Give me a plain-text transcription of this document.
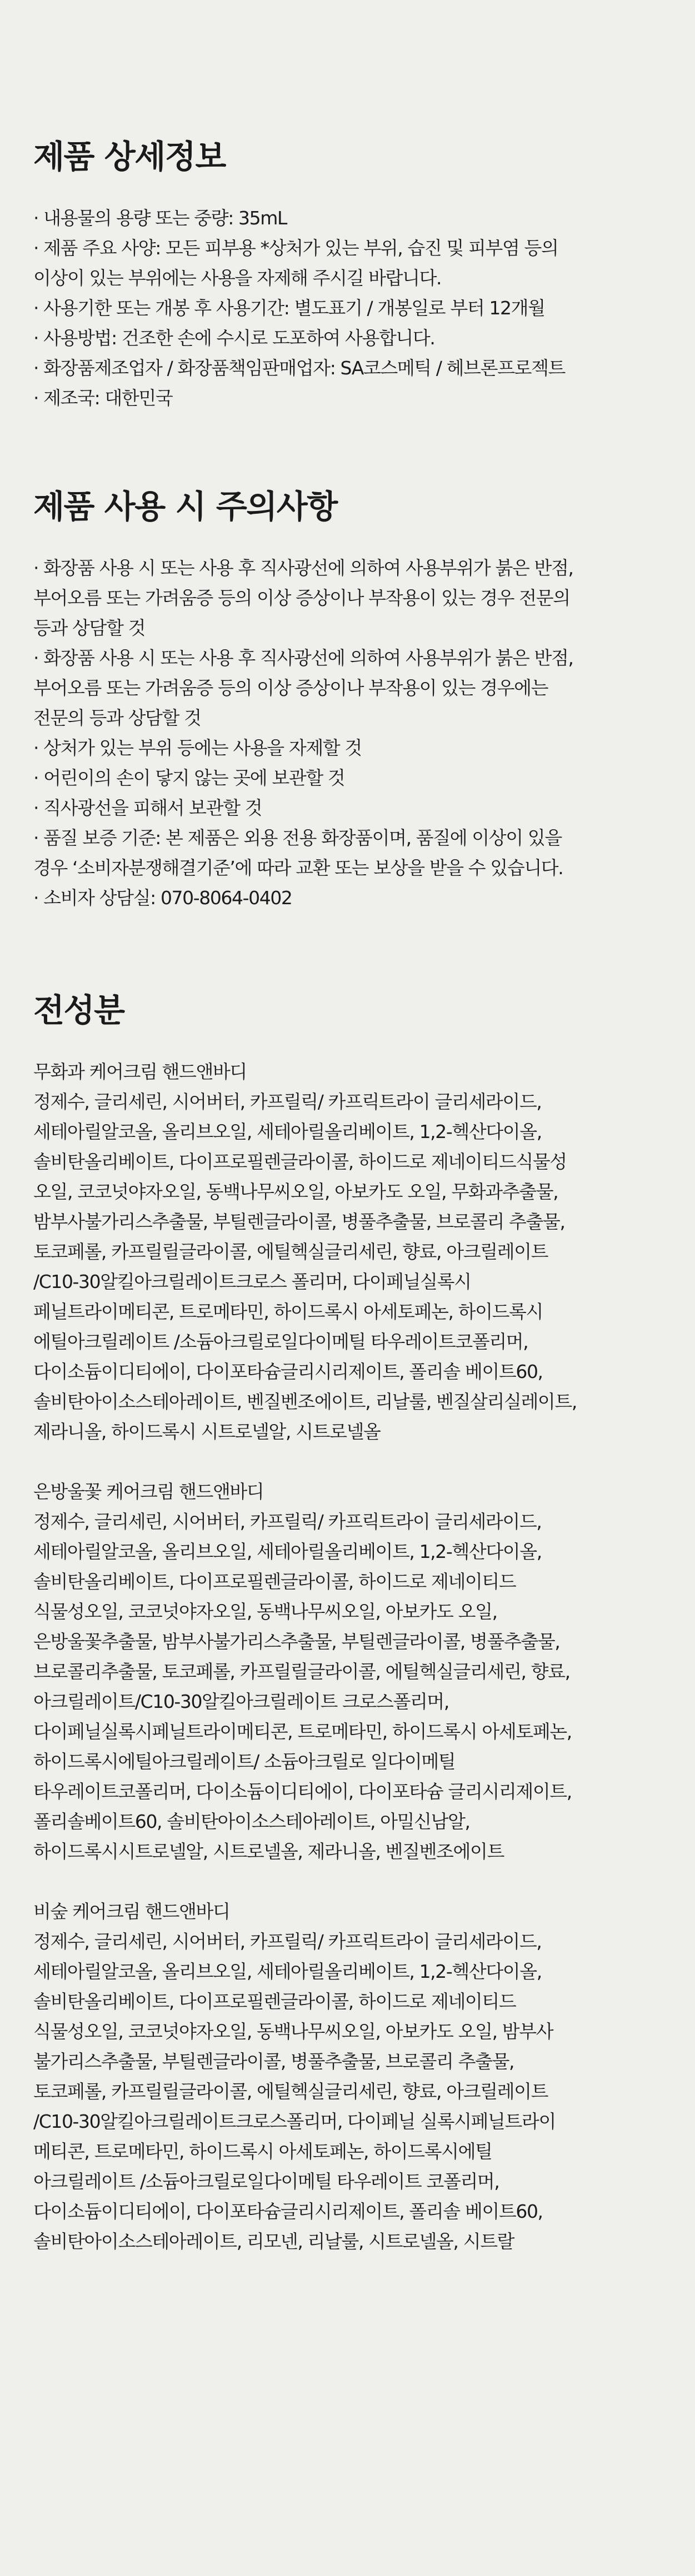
제품 상세정보
· 내용물의 용량 또는 중량: 35mL
· 제품 주요 사양: 모든 피부용 *상처가 있는 부위, 습진 및 피부염 등의
이상이 있는 부위에는 사용을 자제해 주시길 바랍니다.
· 사용기한 또는 개봉 후 사용기간: 별도표기 / 개봉일로 부터 12개월
· 사용방법: 건조한 손에 수시로 도포하여 사용합니다.
· 화장품제조업자 / 화장품책임판매업자: SA코스메틱 / 헤브론프로젝트
· 제조국: 대한민국
제품 사용 시 주의사항
· 화장품 사용 시 또는 사용 후 직사광선에 의하여 사용부위가 붉은 반점,
부어오름 또는 가려움증 등의 이상 증상이나 부작용이 있는 경우 전문의
등과 상담할 것
· 화장품 사용 시 또는 사용 후 직사광선에 의하여 사용부위가 붉은 반점,
부어오름 또는 가려움증 등의 이상 증상이나 부작용이 있는 경우에는
전문의 등과 상담할 것
· 상처가 있는 부위 등에는 사용을 자제할 것
· 어린이의 손이 닿지 않는 곳에 보관할 것
· 직사광선을 피해서 보관할 것
· 품질 보증 기준: 본 제품은 외용 전용 화장품이며, 품질에 이상이 있을
경우 ‘소비자분쟁해결기준’에 따라 교환 또는 보상을 받을 수 있습니다.
· 소비자 상담실: 070-8064-0402
전성분
무화과 케어크림 핸드앤바디
정제수, 글리세린, 시어버터, 카프릴릭/ 카프릭트라이 글리세라이드,
세테아릴알코올, 올리브오일, 세테아릴올리베이트, 1,2-헥산다이올,
솔비탄올리베이트, 다이프로필렌글라이콜, 하이드로 제네이티드식물성
오일, 코코넛야자오일, 동백나무씨오일, 아보카도 오일, 무화과추출물,
밤부사불가리스추출물, 부틸렌글라이콜, 병풀추출물, 브로콜리 추출물,
토코페롤, 카프릴릴글라이콜, 에틸헥실글리세린, 향료, 아크릴레이트
/C10-30알킬아크릴레이트크로스 폴리머, 다이페닐실록시
페닐트라이메티콘, 트로메타민, 하이드록시 아세토페논, 하이드록시
에틸아크릴레이트 /소듐아크릴로일다이메틸 타우레이트코폴리머,
다이소듐이디티에이, 다이포타슘글리시리제이트, 폴리솔 베이트60,
솔비탄아이소스테아레이트, 벤질벤조에이트, 리날룰, 벤질살리실레이트,
제라니올, 하이드록시 시트로넬알, 시트로넬올
은방울꽃 케어크림 핸드앤바디
정제수, 글리세린, 시어버터, 카프릴릭/ 카프릭트라이 글리세라이드,
세테아릴알코올, 올리브오일, 세테아릴올리베이트, 1,2-헥산다이올,
솔비탄올리베이트, 다이프로필렌글라이콜, 하이드로 제네이티드
식물성오일, 코코넛야자오일, 동백나무씨오일, 아보카도 오일,
은방울꽃추출물, 밤부사불가리스추출물, 부틸렌글라이콜, 병풀추출물,
브로콜리추출물, 토코페롤, 카프릴릴글라이콜, 에틸헥실글리세린, 향료,
아크릴레이트/C10-30알킬아크릴레이트 크로스폴리머,
다이페닐실록시페닐트라이메티콘, 트로메타민, 하이드록시 아세토페논,
하이드록시에틸아크릴레이트/ 소듐아크릴로 일다이메틸
타우레이트코폴리머, 다이소듐이디티에이, 다이포타슘 글리시리제이트,
폴리솔베이트60, 솔비탄아이소스테아레이트, 아밀신남알,
하이드록시시트로넬알, 시트로넬올, 제라니올, 벤질벤조에이트
비숲 케어크림 핸드앤바디
정제수, 글리세린, 시어버터, 카프릴릭/ 카프릭트라이 글리세라이드,
세테아릴알코올, 올리브오일, 세테아릴올리베이트, 1,2-헥산다이올,
솔비탄올리베이트, 다이프로필렌글라이콜, 하이드로 제네이티드
식물성오일, 코코넛야자오일, 동백나무씨오일, 아보카도 오일, 밤부사
불가리스추출물, 부틸렌글라이콜, 병풀추출물, 브로콜리 추출물,
토코페롤, 카프릴릴글라이콜, 에틸헥실글리세린, 향료, 아크릴레이트
/C10-30알킬아크릴레이트크로스폴리머, 다이페닐 실록시페닐트라이
메티콘, 트로메타민, 하이드록시 아세토페논, 하이드록시에틸
아크릴레이트 /소듐아크릴로일다이메틸 타우레이트 코폴리머,
다이소듐이디티에이, 다이포타슘글리시리제이트, 폴리솔 베이트60,
솔비탄아이소스테아레이트, 리모넨, 리날룰, 시트로넬올, 시트랄
